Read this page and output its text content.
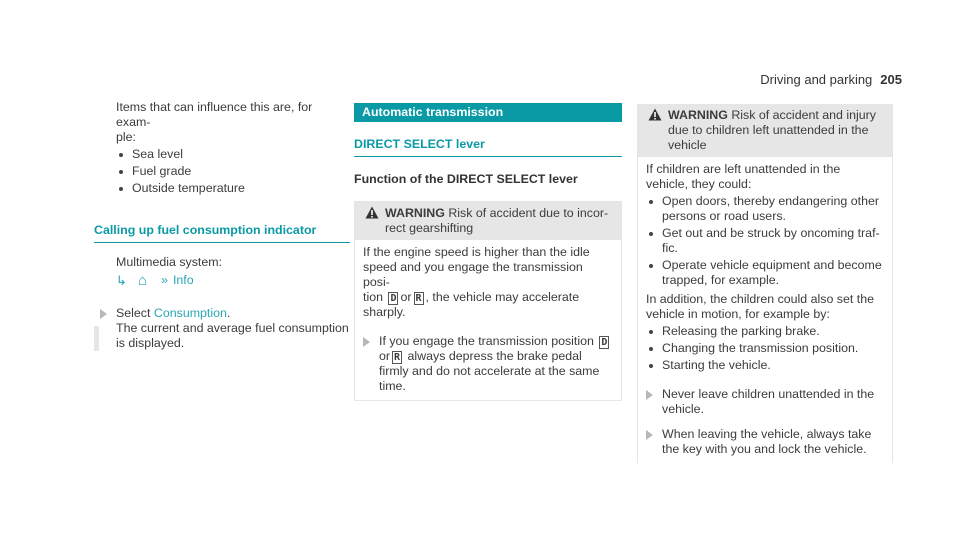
Driving and parking 205
Items that can influence this are, for exam-
ple:
Sea level
Fuel grade
Outside temperature
Calling up fuel consumption indicator
Multimedia system:
↳ ⌂ » Info
Select Consumption.
The current and average fuel consumption is displayed.
Automatic transmission
DIRECT SELECT lever
Function of the DIRECT SELECT lever
WARNING Risk of accident due to incor-
rect gearshifting
If the engine speed is higher than the idle speed and you engage the transmission posi-
tion D or R , the vehicle may accelerate sharply.
If you engage the transmission position Dor R always depress the brake pedal firmly and do not accelerate at the same time.
WARNING Risk of accident and injury due to children left unattended in the vehicle

If children are left unattended in the vehicle, they could:

Open doors, thereby endangering other persons or road users.
Get out and be struck by oncoming traf-
fic.
Operate vehicle equipment and become trapped, for example.

In addition, the children could also set the vehicle in motion, for example by:

Releasing the parking brake.
Changing the transmission position.
Starting the vehicle.
Never leave children unattended in the vehicle.
When leaving the vehicle, always take the key with you and lock the vehicle.
